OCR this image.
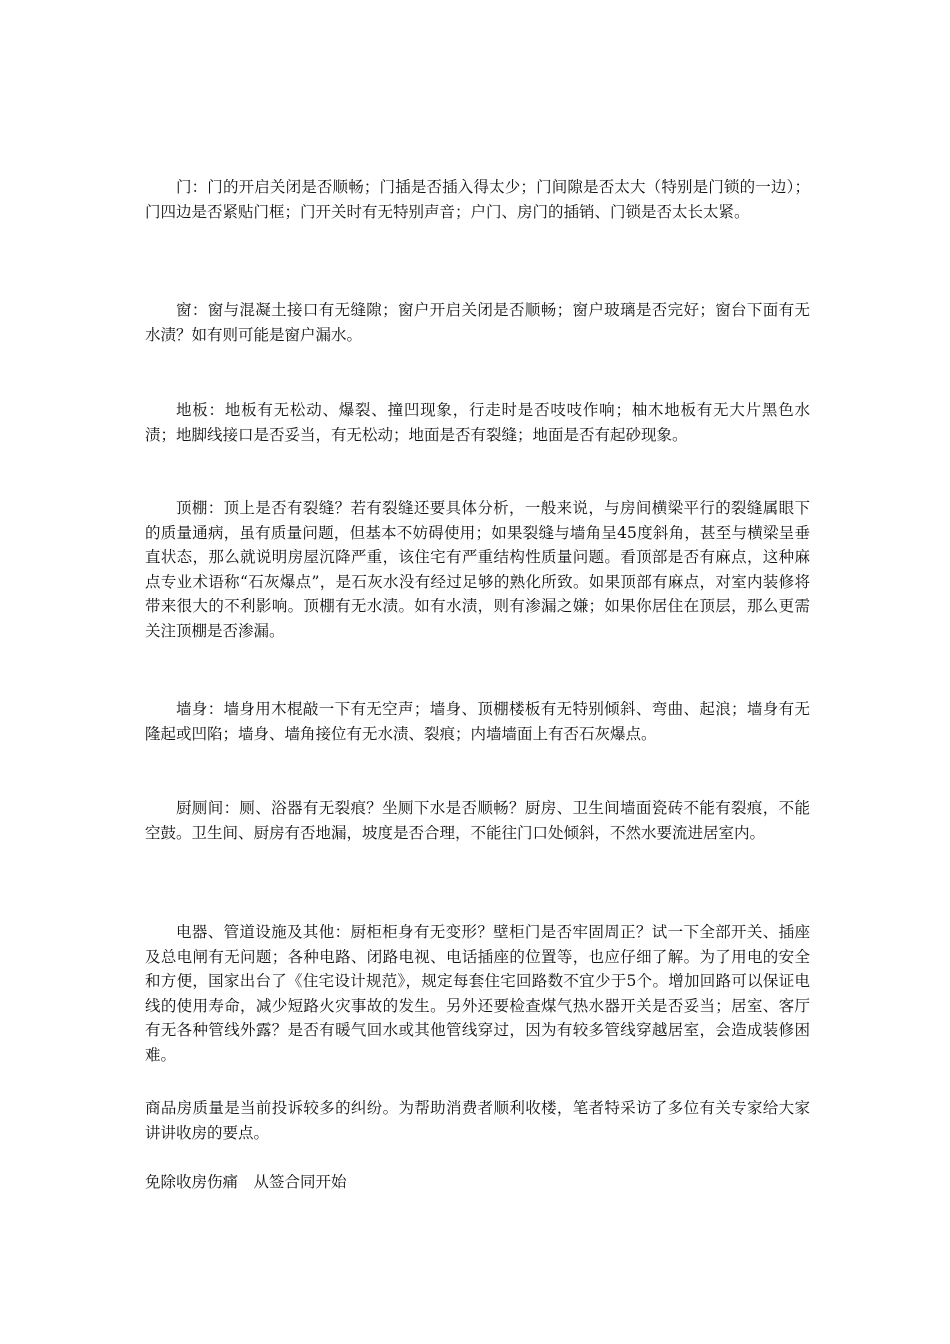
门：门的开启关闭是否顺畅；门插是否插入得太少；门间隙是否太大（特别是门锁的一边）；门四边是否紧贴门框；门开关时有无特别声音；户门、房门的插销、门锁是否太长太紧。

窗：窗与混凝土接口有无缝隙；窗户开启关闭是否顺畅；窗户玻璃是否完好；窗台下面有无水渍？如有则可能是窗户漏水。

地板：地板有无松动、爆裂、撞凹现象，行走时是否吱吱作响；柚木地板有无大片黑色水渍；地脚线接口是否妥当，有无松动；地面是否有裂缝；地面是否有起砂现象。

顶棚：顶上是否有裂缝？若有裂缝还要具体分析，一般来说，与房间横梁平行的裂缝属眼下的质量通病，虽有质量问题，但基本不妨碍使用；如果裂缝与墙角呈45度斜角，甚至与横梁呈垂直状态，那么就说明房屋沉降严重，该住宅有严重结构性质量问题。看顶部是否有麻点，这种麻点专业术语称“石灰爆点”，是石灰水没有经过足够的熟化所致。如果顶部有麻点，对室内装修将带来很大的不利影响。顶棚有无水渍。如有水渍，则有渗漏之嫌；如果你居住在顶层，那么更需关注顶棚是否渗漏。

墙身：墙身用木棍敲一下有无空声；墙身、顶棚楼板有无特别倾斜、弯曲、起浪；墙身有无隆起或凹陷；墙身、墙角接位有无水渍、裂痕；内墙墙面上有否石灰爆点。

厨厕间：厕、浴器有无裂痕？坐厕下水是否顺畅？厨房、卫生间墙面瓷砖不能有裂痕，不能空鼓。卫生间、厨房有否地漏，坡度是否合理，不能往门口处倾斜，不然水要流进居室内。

电器、管道设施及其他：厨柜柜身有无变形？壁柜门是否牢固周正？试一下全部开关、插座及总电闸有无问题；各种电路、闭路电视、电话插座的位置等，也应仔细了解。为了用电的安全和方便，国家出台了《住宅设计规范》，规定每套住宅回路数不宜少于5个。增加回路可以保证电线的使用寿命，减少短路火灾事故的发生。另外还要检查煤气热水器开关是否妥当；居室、客厅有无各种管线外露？是否有暖气回水或其他管线穿过，因为有较多管线穿越居室，会造成装修困难。

商品房质量是当前投诉较多的纠纷。为帮助消费者顺利收楼，笔者特采访了多位有关专家给大家讲讲收房的要点。

免除收房伤痛　从签合同开始
